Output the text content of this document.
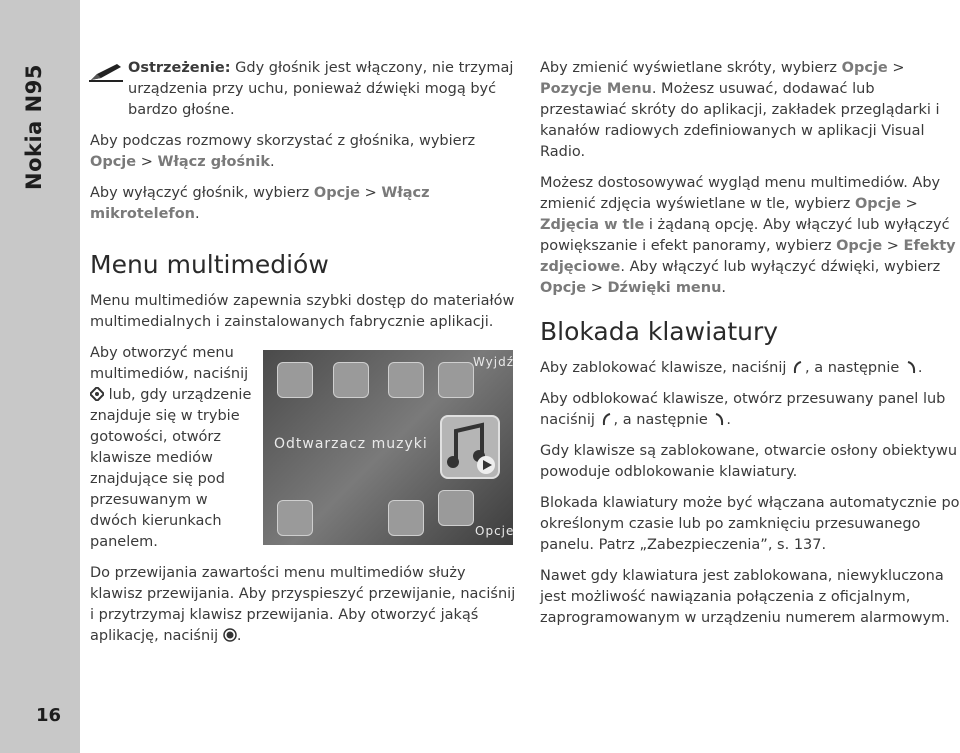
Nokia N95
16

Ostrzeżenie: Gdy głośnik jest włączony, nie trzymaj urządzenia przy uchu, ponieważ dźwięki mogą być bardzo głośne.

Aby podczas rozmowy skorzystać z głośnika, wybierz Opcje > Włącz głośnik.

Aby wyłączyć głośnik, wybierz Opcje > Włącz mikrotelefon.

Menu multimediów

Menu multimediów zapewnia szybki dostęp do materiałów multimedialnych i zainstalowanych fabrycznie aplikacji.

Aby otworzyć menu multimediów, naciśnij  lub, gdy urządzenie znajduje się w trybie gotowości, otwórz klawisze mediów znajdujące się pod przesuwanym w dwóch kierunkach panelem.

Do przewijania zawartości menu multimediów służy klawisz przewijania. Aby przyspieszyć przewijanie, naciśnij i przytrzymaj klawisz przewijania. Aby otworzyć jakąś aplikację, naciśnij .

Wyjdź
Odtwarzacz muzyki
Opcje

Aby zmienić wyświetlane skróty, wybierz Opcje > Pozycje Menu. Możesz usuwać, dodawać lub przestawiać skróty do aplikacji, zakładek przeglądarki i kanałów radiowych zdefiniowanych w aplikacji Visual Radio.

Możesz dostosowywać wygląd menu multimediów. Aby zmienić zdjęcia wyświetlane w tle, wybierz Opcje > Zdjęcia w tle i żądaną opcję. Aby włączyć lub wyłączyć powiększanie i efekt panoramy, wybierz Opcje > Efekty zdjęciowe. Aby włączyć lub wyłączyć dźwięki, wybierz Opcje > Dźwięki menu.

Blokada klawiatury

Aby zablokować klawisze, naciśnij , a następnie .

Aby odblokować klawisze, otwórz przesuwany panel lub naciśnij , a następnie .

Gdy klawisze są zablokowane, otwarcie osłony obiektywu powoduje odblokowanie klawiatury.

Blokada klawiatury może być włączana automatycznie po określonym czasie lub po zamknięciu przesuwanego panelu. Patrz „Zabezpieczenia”, s. 137.

Nawet gdy klawiatura jest zablokowana, niewykluczona jest możliwość nawiązania połączenia z oficjalnym, zaprogramowanym w urządzeniu numerem alarmowym.
